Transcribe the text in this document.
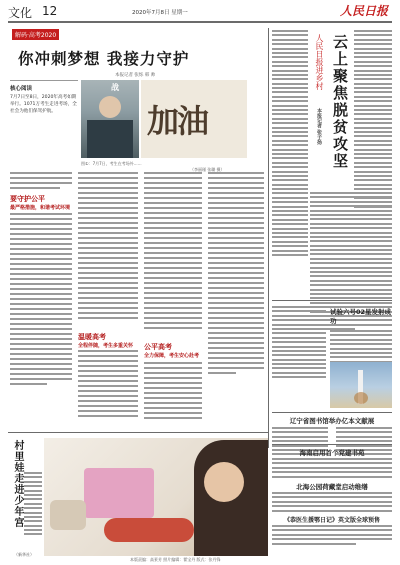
文化 12	2020年7月8日 星期一	人民日报
解码·高考2020
你冲刺梦想 我接力守护
本报记者 张烁 韩 帅
核心阅读
7月7日至8日，2020年高考如期举行。1071万考生走进考场，全社会为他们保驾护航。
战
加油
图①：7月7日，考生在考场外……
（李丽瑾 张璐 摄）
要守护公平
最严格措施，和谐考试环境
温暖高考
全程伴随，考生多重关怀	公平高考
全力保障，考生安心赴考
人民日报进乡村 云上聚焦脱贫攻坚
本报记者 张子扬
试验六号02星发射成功
辽宁省图书馆举办亿本文献展
村里娃走进少年宫
（新华社）
海南启用首个党建书苑
北海公园荷藏堂启动维缮
《恭医生援鄂日记》英文版全球预售
本版责编：高景芳 照片编辑：翟宝丹 版式：张丹锋
